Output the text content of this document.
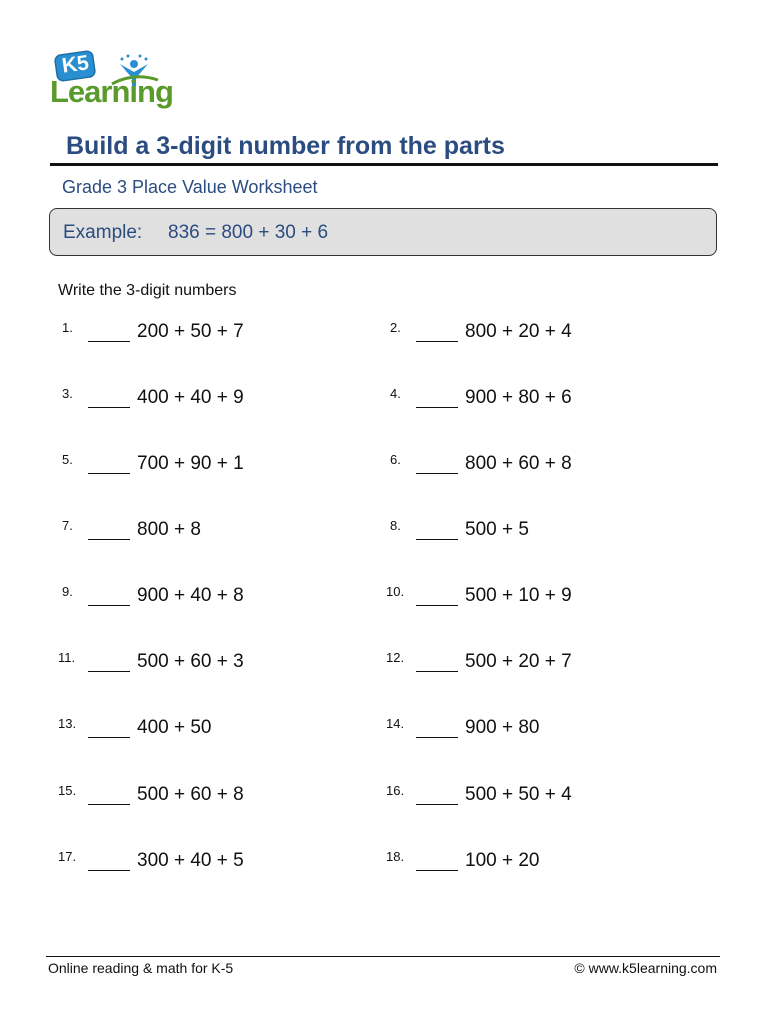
K5
Learning
Build a 3-digit number from the parts
Grade 3 Place Value Worksheet
Example: 836 = 800 + 30 + 6
Write the 3-digit numbers
1.	200 + 50 + 7	2.	800 + 20 + 4
3.	400 + 40 + 9	4.	900 + 80 + 6
5.	700 + 90 + 1	6.	800 + 60 + 8
7.	800 + 8	8.	500 + 5
9.	900 + 40 + 8	10.	500 + 10 + 9
11.	500 + 60 + 3	12.	500 + 20 + 7
13.	400 + 50	14.	900 + 80
15.	500 + 60 + 8	16.	500 + 50 + 4
17.	300 + 40 + 5	18.	100 + 20
Online reading & math for K-5	© www.k5learning.com
